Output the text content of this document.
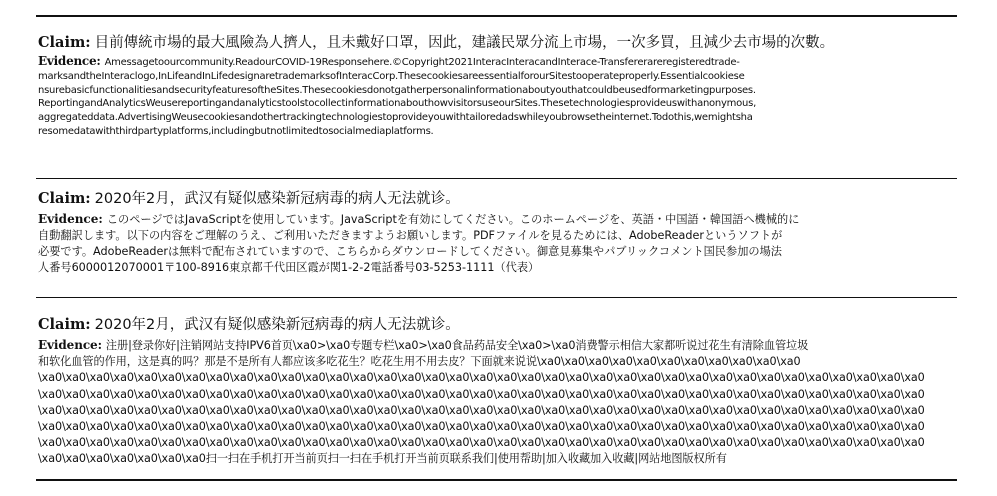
Claim: 目前傳統市場的最大風險為人擠人，且未戴好口罩，因此，建議民眾分流上市場，一次多買，且減少去市場的次數。

Evidence: Amessagetoourcommunity.ReadourCOVID-19Responsehere.©Copyright2021InteracInteracandInterace-Transfererareregisteredtrade-
marksandtheInteraclogo,InLifeandInLifedesignaretrademarksofInteracCorp.ThesecookiesareessentialforourSitestooperateproperly.Essentialcookiese
nsurebasicfunctionalitiesandsecurityfeaturesoftheSites.Thesecookiesdonotgatherpersonalinformationaboutyouthatcouldbeusedformarketingpurposes.
ReportingandAnalyticsWeusereportingandanalyticstoolstocollectinformationabouthowvisitorsuseourSites.Thesetechnologiesprovideuswithanonymous,
aggregateddata.AdvertisingWeusecookiesandothertrackingtechnologiestoprovideyouwithtailoredadswhileyoubrowsetheinternet.Todothis,wemightsha
resomedatawiththirdpartyplatforms,includingbutnotlimitedtosocialmediaplatforms.

Claim: 2020年2月，武汉有疑似感染新冠病毒的病人无法就诊。

Evidence: このページではJavaScriptを使用しています。JavaScriptを有効にしてください。このホームページを、英語・中国語・韓国語へ機械的に
自動翻訳します。以下の内容をご理解のうえ、ご利用いただきますようお願いします。PDFファイルを見るためには、AdobeReaderというソフトが
必要です。AdobeReaderは無料で配布されていますので、こちらからダウンロードしてください。御意見募集やパブリックコメント国民参加の場法
人番号6000012070001〒100-8916東京都千代田区霞が関1-2-2電話番号03-5253-1111（代表）

Claim: 2020年2月，武汉有疑似感染新冠病毒的病人无法就诊。

Evidence: 注册|登录你好|注销网站支持IPV6首页\xa0>\xa0专题专栏\xa0>\xa0食品药品安全\xa0>\xa0消费警示相信大家都听说过花生有清除血管垃圾
和软化血管的作用，这是真的吗？那是不是所有人都应该多吃花生？吃花生用不用去皮？下面就来说说\xa0\xa0\xa0\xa0\xa0\xa0\xa0\xa0\xa0\xa0\xa0
\xa0\xa0\xa0\xa0\xa0\xa0\xa0\xa0\xa0\xa0\xa0\xa0\xa0\xa0\xa0\xa0\xa0\xa0\xa0\xa0\xa0\xa0\xa0\xa0\xa0\xa0\xa0\xa0\xa0\xa0\xa0\xa0\xa0\xa0\xa0\xa0\xa0
\xa0\xa0\xa0\xa0\xa0\xa0\xa0\xa0\xa0\xa0\xa0\xa0\xa0\xa0\xa0\xa0\xa0\xa0\xa0\xa0\xa0\xa0\xa0\xa0\xa0\xa0\xa0\xa0\xa0\xa0\xa0\xa0\xa0\xa0\xa0\xa0\xa0
\xa0\xa0\xa0\xa0\xa0\xa0\xa0\xa0\xa0\xa0\xa0\xa0\xa0\xa0\xa0\xa0\xa0\xa0\xa0\xa0\xa0\xa0\xa0\xa0\xa0\xa0\xa0\xa0\xa0\xa0\xa0\xa0\xa0\xa0\xa0\xa0\xa0
\xa0\xa0\xa0\xa0\xa0\xa0\xa0\xa0\xa0\xa0\xa0\xa0\xa0\xa0\xa0\xa0\xa0\xa0\xa0\xa0\xa0\xa0\xa0\xa0\xa0\xa0\xa0\xa0\xa0\xa0\xa0\xa0\xa0\xa0\xa0\xa0\xa0
\xa0\xa0\xa0\xa0\xa0\xa0\xa0\xa0\xa0\xa0\xa0\xa0\xa0\xa0\xa0\xa0\xa0\xa0\xa0\xa0\xa0\xa0\xa0\xa0\xa0\xa0\xa0\xa0\xa0\xa0\xa0\xa0\xa0\xa0\xa0\xa0\xa0
\xa0\xa0\xa0\xa0\xa0\xa0\xa0扫一扫在手机打开当前页扫一扫在手机打开当前页联系我们|使用帮助|加入收藏加入收藏|网站地图版权所有
